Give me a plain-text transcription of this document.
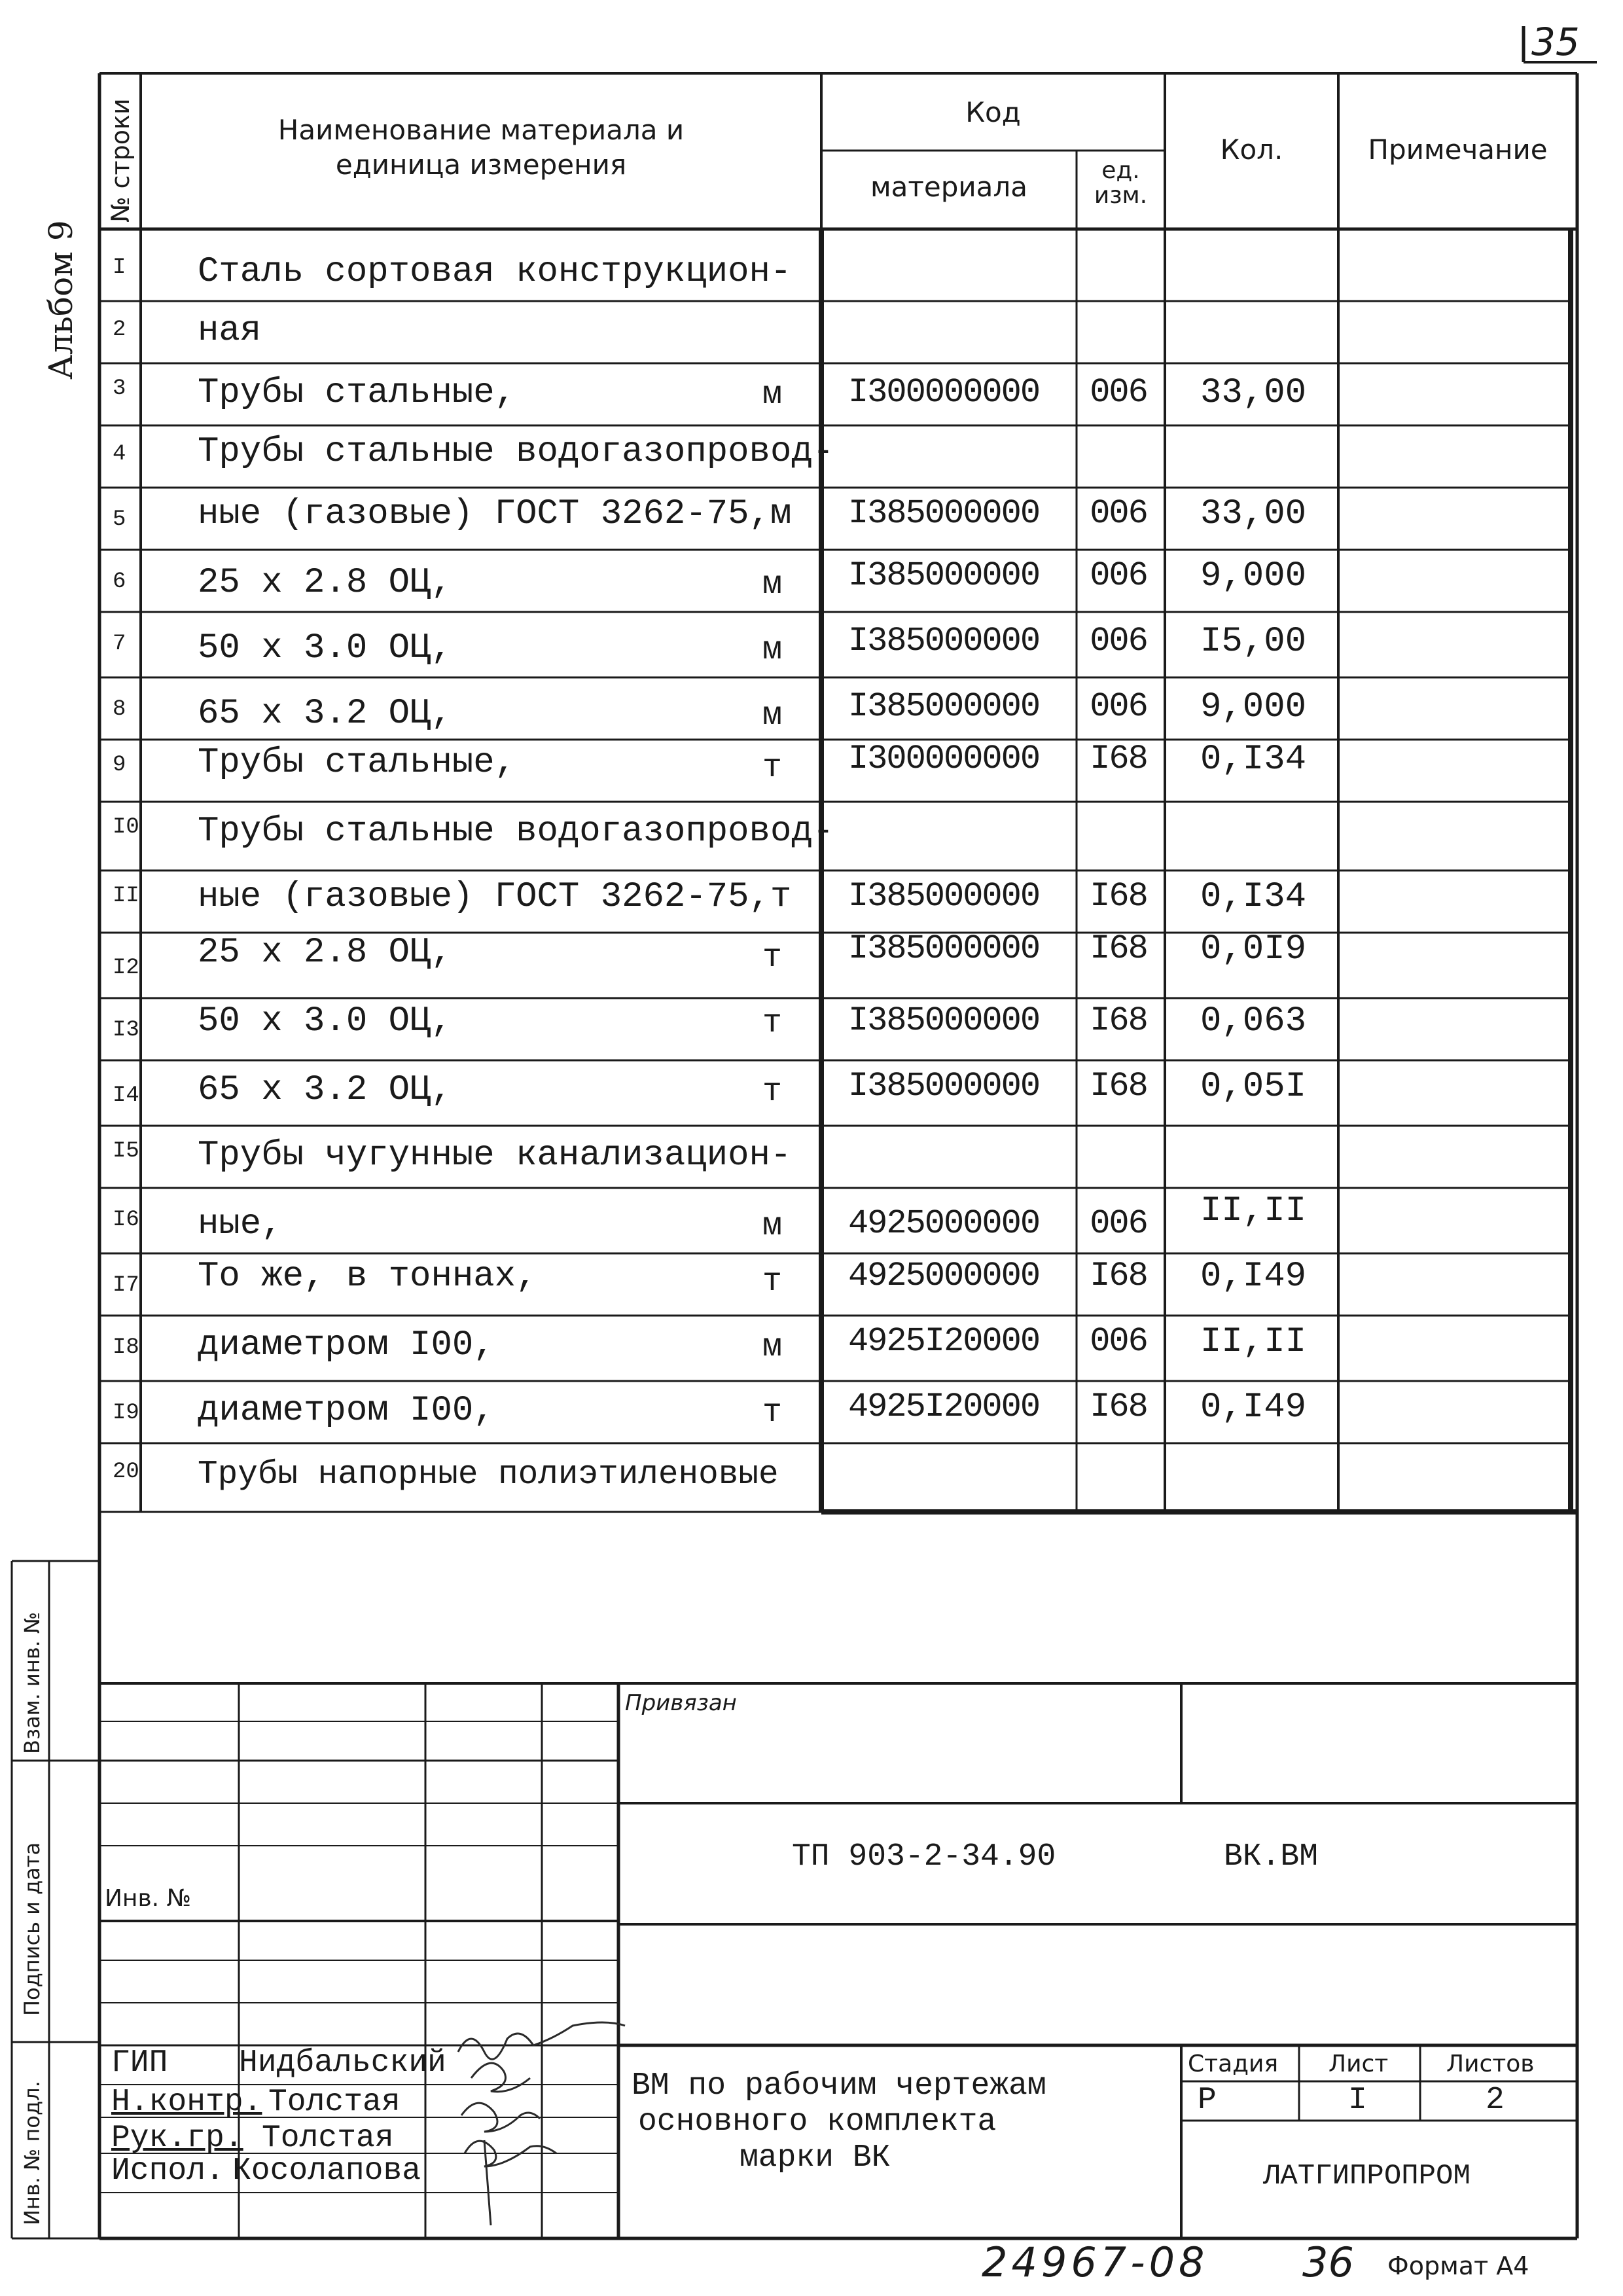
35
Альбом 9
№ строки	Наименование материала и
единица измерения
Код
материала
ед.
изм.
Кол.	Примечание
I	Сталь сортовая конструкцион-
2	ная
3	Трубы стальные,	м	I300000000	006	33,00
4	Трубы стальные водогазопровод-
5	ные (газовые) ГОСТ 3262-75,м	I385000000	006	33,00
6	25 х 2.8 ОЦ,	м	I385000000	006	9,000
7	50 х 3.0 ОЦ,	м	I385000000	006	I5,00
8	65 х 3.2 ОЦ,	м	I385000000	006	9,000
9	Трубы стальные,	т	I300000000	I68	0,I34
I0 Трубы стальные водогазопровод-
II ные (газовые) ГОСТ 3262-75,т	I385000000	I68	0,I34
I2 25 х 2.8 ОЦ,	т	I385000000	I68	0,0I9
I3 50 х 3.0 ОЦ,	т	I385000000	I68	0,063
I4 65 х 3.2 ОЦ,	т	I385000000	I68	0,05I
I5 Трубы чугунные канализацион-
I6 ные,	м	4925000000	006	II,II
I7 То же, в тоннах,	т	4925000000	I68	0,I49
I8 диаметром I00,	м	4925I20000	006	II,II
I9 диаметром I00,	т	4925I20000	I68	0,I49
20 Трубы напорные полиэтиленовые
Взам. инв. №
Подпись и дата
Инв. № подл.
Привязан
Инв. №
ТП 903-2-34.90	ВК.ВМ
ГИП Нидбальский
Н.контр. Толстая
Рук.гр. Толстая
Испол. Косолапова
ВМ по рабочим чертежам
основного комплекта
марки ВК
Стадия Лист Листов
Р	I	2
ЛАТГИПРОПРОМ
24967-08 36 Формат А4
